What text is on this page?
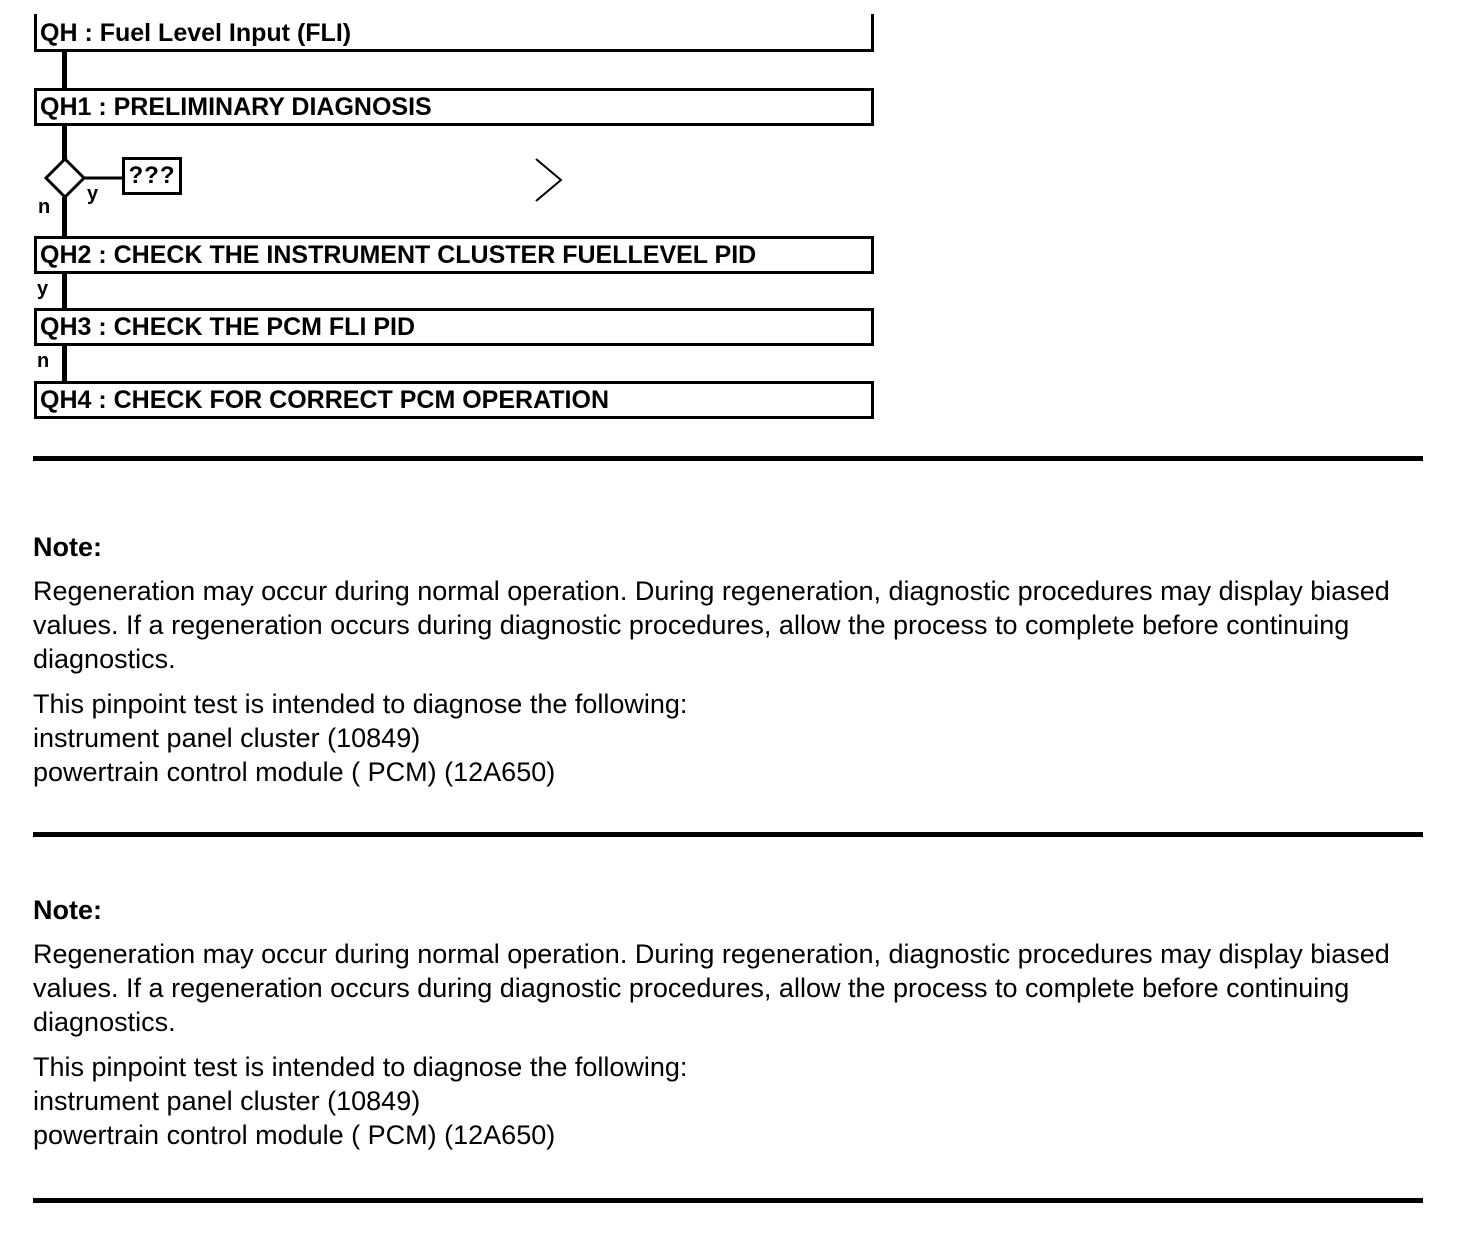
QH : Fuel Level Input (FLI)
QH1 : PRELIMINARY DIAGNOSIS
???
y
n
QH2 : CHECK THE INSTRUMENT CLUSTER FUELLEVEL PID
y
QH3 : CHECK THE PCM FLI PID
n
QH4 : CHECK FOR CORRECT PCM OPERATION
Note:

Regeneration may occur during normal operation. During regeneration, diagnostic procedures may display biased values. If a regeneration occurs during diagnostic procedures, allow the process to complete before continuing diagnostics.

This pinpoint test is intended to diagnose the following:
instrument panel cluster (10849)
powertrain control module ( PCM) (12A650)
Note:

Regeneration may occur during normal operation. During regeneration, diagnostic procedures may display biased values. If a regeneration occurs during diagnostic procedures, allow the process to complete before continuing diagnostics.

This pinpoint test is intended to diagnose the following:
instrument panel cluster (10849)
powertrain control module ( PCM) (12A650)
